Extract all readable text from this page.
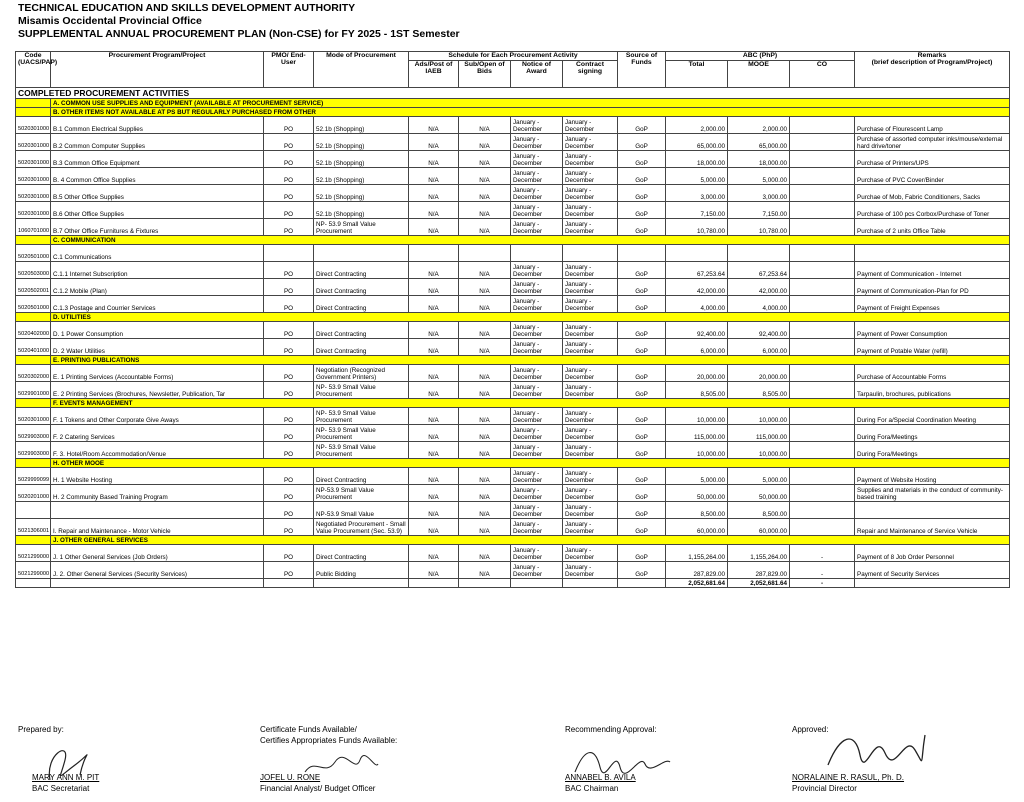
TECHNICAL EDUCATION AND SKILLS DEVELOPMENT AUTHORITY
Misamis Occidental Provincial Office
SUPPLEMENTAL ANNUAL PROCUREMENT PLAN (Non-CSE) for FY 2025 - 1ST Semester
Code (UACS/PAP)	Procurement Program/Project	PMO/ End-User	Mode of Procurement	Schedule for Each Procurement Activity				Source of Funds	ABC (PhP)			Remarks
(brief description of Program/Project)
				Ads/Post of IAEB	Sub/Open of Bids	Notice of Award	Contract signing		Total	MOOE	CO	
COMPLETED PROCUREMENT ACTIVITIES												
	A. COMMON USE SUPPLIES AND EQUIPMENT (AVAILABLE AT PROCUREMENT SERVICE)											
	B. OTHER ITEMS NOT AVAILABLE AT PS BUT REGULARLY PURCHASED FROM OTHER											
5020301000	B.1 Common Electrical Supplies	PO	52.1b (Shopping)	N/A	N/A	January - December	January - December	GoP	2,000.00	2,000.00		Purchase of Flourescent Lamp
5020301000	B.2 Common Computer Supplies	PO	52.1b (Shopping)	N/A	N/A	January - December	January - December	GoP	65,000.00	65,000.00		Purchase of assorted computer inks/mouse/external hard drive/toner
5020301000	B.3 Common Office Equipment	PO	52.1b (Shopping)	N/A	N/A	January - December	January - December	GoP	18,000.00	18,000.00		Purchase of Printers/UPS
5020301000	B. 4 Common Office Supplies	PO	52.1b (Shopping)	N/A	N/A	January - December	January - December	GoP	5,000.00	5,000.00		Purchase of PVC Cover/Binder
5020301000	B.5 Other Office Supplies	PO	52.1b (Shopping)	N/A	N/A	January - December	January - December	GoP	3,000.00	3,000.00		Purchae of Mob, Fabric Conditioners, Sacks
5020301000	B.6 Other Office Supplies	PO	52.1b (Shopping)	N/A	N/A	January - December	January - December	GoP	7,150.00	7,150.00		Purchase of 100 pcs Corbox/Purchase of Toner
1060701000	B.7 Other Office Furnitures & Fixtures	PO	NP- 53.9 Small Value Procurement	N/A	N/A	January - December	January - December	GoP	10,780.00	10,780.00		Purchase of 2 units Office Table
	C. COMMUNICATION											
5020501000	C.1 Communications											
5020503000	C.1.1 Internet Subscription	PO	Direct Contracting	N/A	N/A	January - December	January - December	GoP	67,253.64	67,253.64		Payment of Communication - Internet
5020502001	C.1.2 Mobile (Plan)	PO	Direct Contracting	N/A	N/A	January - December	January - December	GoP	42,000.00	42,000.00		Payment of Communication-Plan for PD
5020501000	C.1.3 Postage and Courrier Services	PO	Direct Contracting	N/A	N/A	January - December	January - December	GoP	4,000.00	4,000.00		Payment of Freight Expenses
	D. UTILITIES											
5020402000	D. 1 Power Consumption	PO	Direct Contracting	N/A	N/A	January - December	January - December	GoP	92,400.00	92,400.00		Payment of Power Consumption
5020401000	D. 2 Water Utilities	PO	Direct Contracting	N/A	N/A	January - December	January - December	GoP	6,000.00	6,000.00		Payment of Potable Water (refill)
	E. PRINTING PUBLICATIONS											
5020302000	E. 1 Printing Services (Accountable Forms)	PO	Negotiation (Recognized Government Printers)	N/A	N/A	January - December	January - December	GoP	20,000.00	20,000.00		Purchase of Accountable Forms
5029901000	E. 2 Printing Services (Brochures, Newsletter, Publication, Tar	PO	NP- 53.9 Small Value Procurement	N/A	N/A	January - December	January - December	GoP	8,505.00	8,505.00		Tarpaulin, brochures, publications
	F. EVENTS MANAGEMENT											
5020301000	F. 1 Tokens and Other Corporate Give Aways	PO	NP- 53.9 Small Value Procurement	N/A	N/A	January - December	January - December	GoP	10,000.00	10,000.00		During For a/Special Coordination Meeting
5029903000	F. 2 Catering Services	PO	NP- 53.9 Small Value Procurement	N/A	N/A	January - December	January - December	GoP	115,000.00	115,000.00		During Fora/Meetings
5029903000	F. 3. Hotel/Room Accommodation/Venue	PO	NP- 53.9 Small Value Procurement	N/A	N/A	January - December	January - December	GoP	10,000.00	10,000.00		During Fora/Meetings
	H. OTHER MOOE											
5029999099	H. 1 Website Hosting	PO	Direct Contracting	N/A	N/A	January - December	January - December	GoP	5,000.00	5,000.00		Payment of Website Hosting
5020201000	H. 2 Community Based Training Program	PO	NP-53.9 Small Value Procurement	N/A	N/A	January - December	January - December	GoP	50,000.00	50,000.00		Supplies and materials in the conduct of community-based training
		PO	NP-53.9 Small Value	N/A	N/A	January - December	January - December	GoP	8,500.00	8,500.00		
5021306001	I. Repair and Maintenance - Motor Vehicle	PO	Negotiated Procurement - Small Value Procurement (Sec. 53.9)	N/A	N/A	January - December	January - December	GoP	60,000.00	60,000.00		Repair and Maintenance of Service Vehicle
	J. OTHER GENERAL SERVICES											
5021299000	J. 1 Other General Services (Job Orders)	PO	Direct Contracting	N/A	N/A	January - December	January - December	GoP	1,155,264.00	1,155,264.00	-	Payment of 8 Job Order Personnel
5021299000	J. 2. Other General Services (Security Services)	PO	Public Bidding	N/A	N/A	January - December	January - December	GoP	287,829.00	287,829.00	-	Payment of Security Services
									2,052,681.64	2,052,681.64	-	
Prepared by:
MARY ANN M. PIT
BAC Secretariat
Certificate Funds Available/
Certifies Appropriates Funds Available:
JOFEL U. RONE
Financial Analyst/ Budget Officer
Recommending Approval:
ANNABEL B. AVILA
BAC Chairman
Approved:
NORALAINE R. RASUL, Ph. D.
Provincial Director
